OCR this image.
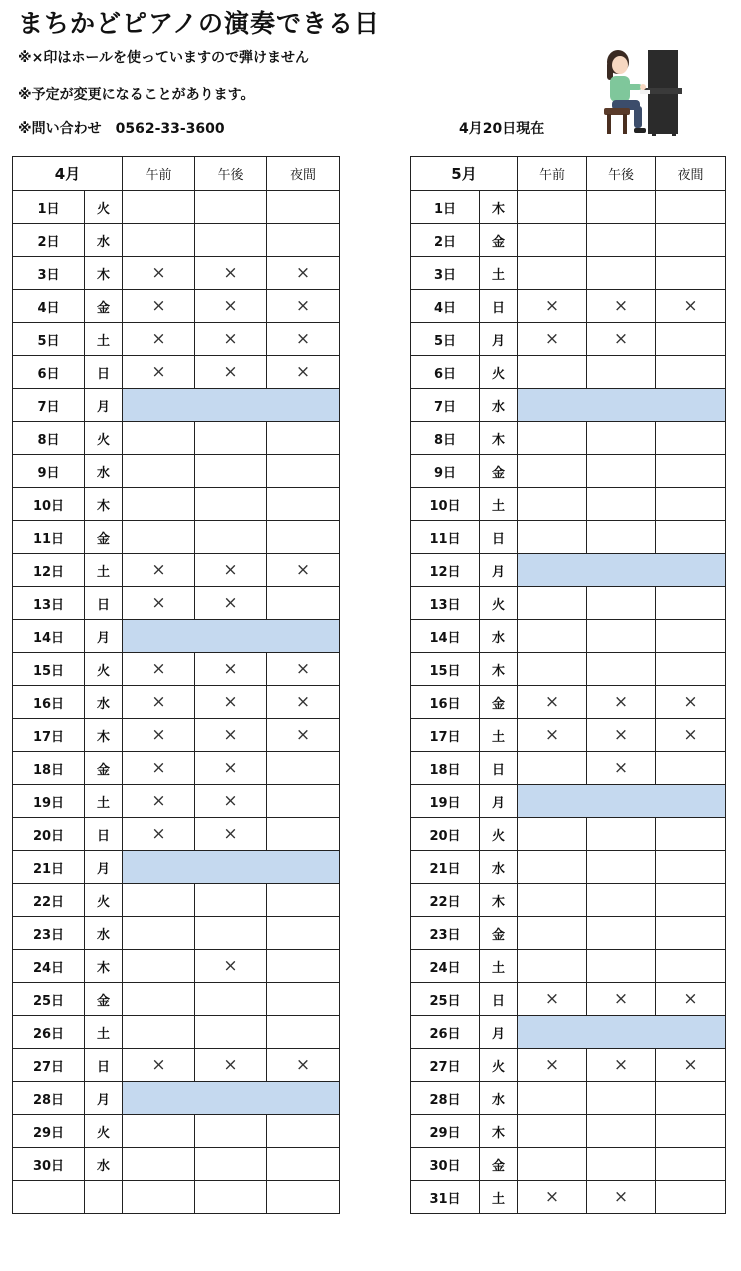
まちかどピアノの演奏できる日
※×印はホールを使っていますので弾けません
※予定が変更になることがあります。
※問い合わせ　0562-33-3600	4月20日現在
4月		午前	午後	夜間
1日	火			
2日	水			
3日	木	×	×	×
4日	金	×	×	×
5日	土	×	×	×
6日	日	×	×	×
7日	月			
8日	火			
9日	水			
10日	木			
11日	金			
12日	土	×	×	×
13日	日	×	×	
14日	月			
15日	火	×	×	×
16日	水	×	×	×
17日	木	×	×	×
18日	金	×	×	
19日	土	×	×	
20日	日	×	×	
21日	月			
22日	火			
23日	水			
24日	木		×	
25日	金			
26日	土			
27日	日	×	×	×
28日	月			
29日	火			
30日	水			

5月		午前	午後	夜間
1日	木			
2日	金			
3日	土			
4日	日	×	×	×
5日	月	×	×	
6日	火			
7日	水			
8日	木			
9日	金			
10日	土			
11日	日			
12日	月			
13日	火			
14日	水			
15日	木			
16日	金	×	×	×
17日	土	×	×	×
18日	日		×	
19日	月			
20日	火			
21日	水			
22日	木			
23日	金			
24日	土			
25日	日	×	×	×
26日	月			
27日	火	×	×	×
28日	水			
29日	木			
30日	金			
31日	土	×	×	
